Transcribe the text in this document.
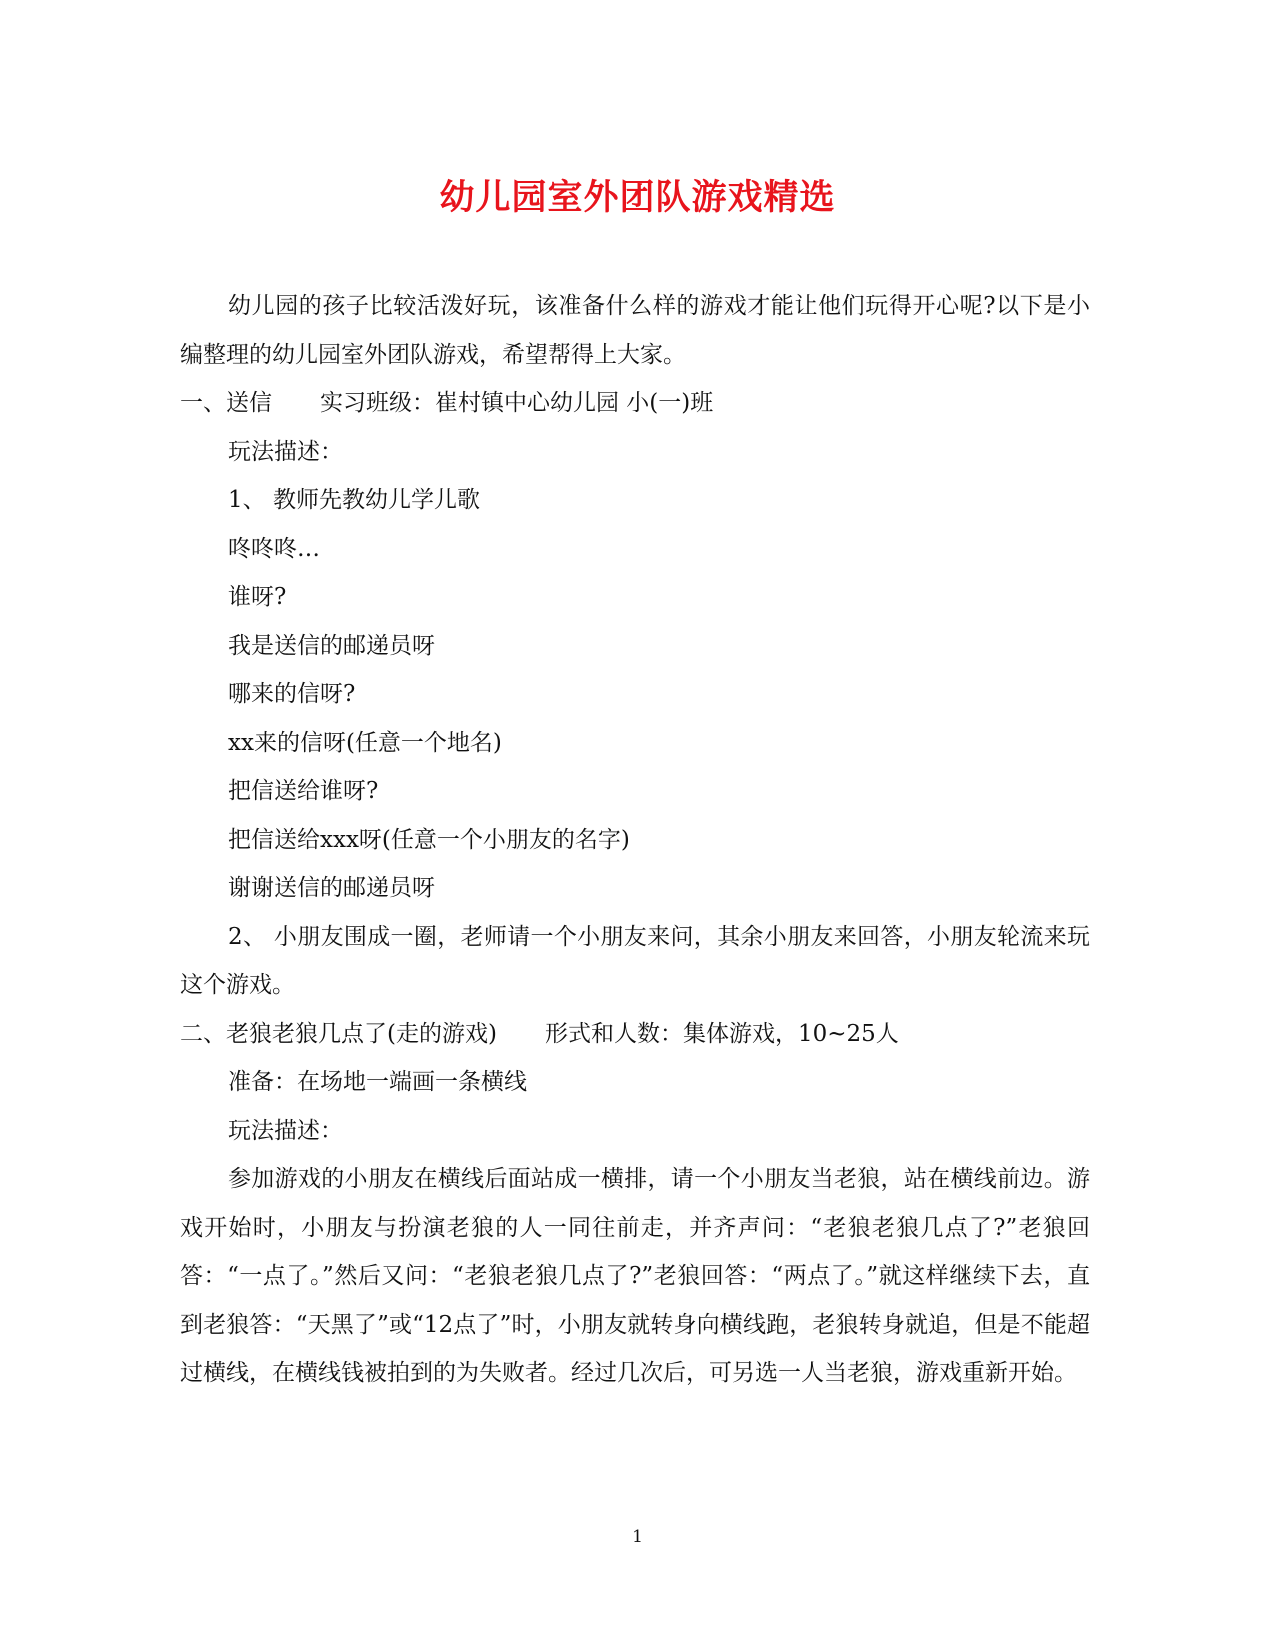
幼儿园室外团队游戏精选

幼儿园的孩子比较活泼好玩，该准备什么样的游戏才能让他们玩得开心呢?以下是小编整理的幼儿园室外团队游戏，希望帮得上大家。

一、送信 实习班级：崔村镇中心幼儿园 小(一)班

玩法描述：

1、 教师先教幼儿学儿歌

咚咚咚…

谁呀?

我是送信的邮递员呀

哪来的信呀?

xx来的信呀(任意一个地名)

把信送给谁呀?

把信送给xxx呀(任意一个小朋友的名字)

谢谢送信的邮递员呀

2、 小朋友围成一圈，老师请一个小朋友来问，其余小朋友来回答，小朋友轮流来玩这个游戏。

二、老狼老狼几点了(走的游戏) 形式和人数：集体游戏，10~25人

准备：在场地一端画一条横线

玩法描述：

参加游戏的小朋友在横线后面站成一横排，请一个小朋友当老狼，站在横线前边。游戏开始时，小朋友与扮演老狼的人一同往前走，并齐声问：“老狼老狼几点了?”老狼回答：“一点了。”然后又问：“老狼老狼几点了?”老狼回答：“两点了。”就这样继续下去，直到老狼答：“天黑了”或“12点了”时，小朋友就转身向横线跑，老狼转身就追，但是不能超过横线，在横线钱被拍到的为失败者。经过几次后，可另选一人当老狼，游戏重新开始。

1
